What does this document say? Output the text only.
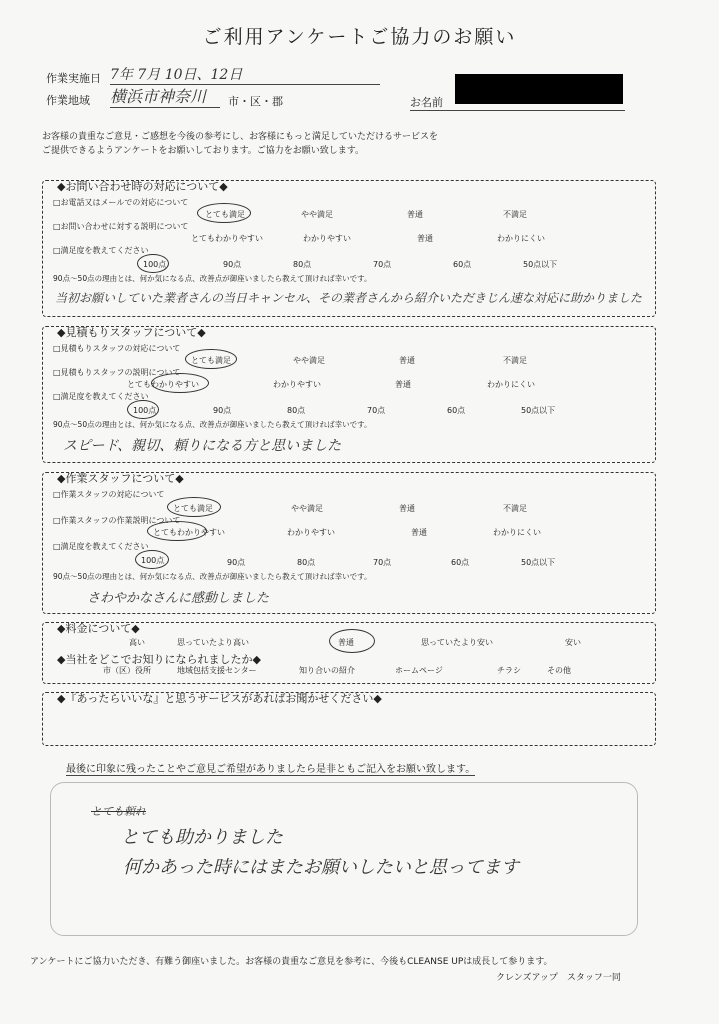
ご利用アンケートご協力のお願い
作業実施日 7年 7月 10日、12日
作業地域 横浜市神奈川	市・区・郡	お名前
お客様の貴重なご意見・ご感想を今後の参考にし、お客様にもっと満足していただけるサービスを
ご提供できるようアンケートをお願いしております。ご協力をお願い致します。
◆お問い合わせ時の対応について◆
□お電話又はメールでの対応について
とても満足	やや満足	普通	不満足
□お問い合わせに対する説明について
とてもわかりやすい	わかりやすい	普通	わかりにくい
□満足度を教えてください
100点	90点	80点	70点	60点	50点以下
90点～50点の理由とは、何か気になる点、改善点が御座いましたら教えて頂ければ幸いです。
当初お願いしていた業者さんの当日キャンセル、その業者さんから紹介いただきじん速な対応に助かりました
◆見積もりスタッフについて◆
□見積もりスタッフの対応について
とても満足	やや満足	普通	不満足
□見積もりスタッフの説明について
とてもわかりやすい	わかりやすい	普通	わかりにくい
□満足度を教えてください
100点	90点	80点	70点	60点	50点以下
90点～50点の理由とは、何か気になる点、改善点が御座いましたら教えて頂ければ幸いです。
スピード、親切、頼りになる方と思いました
◆作業スタッフについて◆
□作業スタッフの対応について
とても満足	やや満足	普通	不満足
□作業スタッフの作業説明について
とてもわかりやすい	わかりやすい	普通	わかりにくい
□満足度を教えてください
100点	90点	80点	70点	60点	50点以下
90点～50点の理由とは、何か気になる点、改善点が御座いましたら教えて頂ければ幸いです。
さわやかなさんに感動しました
◆料金について◆
高い	思っていたより高い	普通	思っていたより安い	安い
◆当社をどこでお知りになられましたか◆
市（区）役所	地域包括支援センター	知り合いの紹介	ホームページ	チラシ	その他
◆『あったらいいな』と思うサービスがあればお聞かせください◆
最後に印象に残ったことやご意見ご希望がありましたら是非ともご記入をお願い致します。
とても頼れ
とても助かりました
何かあった時にはまたお願いしたいと思ってます
アンケートにご協力いただき、有難う御座いました。お客様の貴重なご意見を参考に、今後もCLEANSE UPは成長して参ります。
クレンズアップ　スタッフ一同
